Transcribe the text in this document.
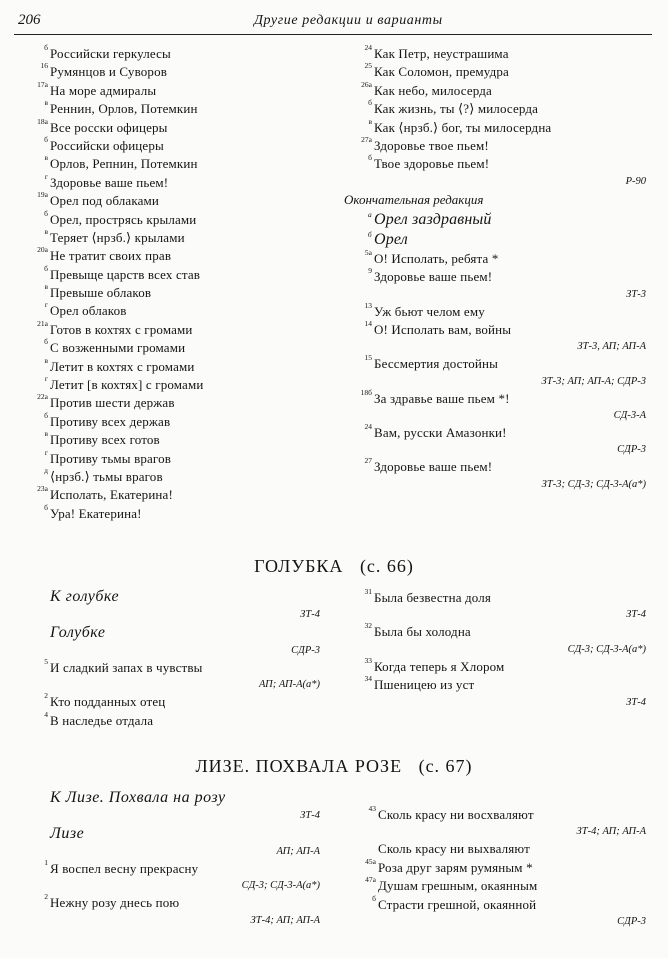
206	Другие редакции и варианты
б Российски геркулесы
16 Румянцов и Суворов
17а На море адмиралы
в Реннин, Орлов, Потемкин
18а Все росски офицеры
б Российски офицеры
в Орлов, Репнин, Потемкин
г Здоровье ваше пьем!
19а Орел под облаками
б Орел, прострясь крылами
в Теряет ⟨нрзб.⟩ крылами
20а Не тратит своих прав
б Превыще царств всех став
в Превыше облаков
г Орел облаков
21а Готов в кохтях с громами
б С возженными громами
в Летит в кохтях с громами
г Летит [в кохтях] с громами
22а Против шести держав
б Противу всех держав
в Противу всех готов
г Противу тьмы врагов
д ⟨нрзб.⟩ тьмы врагов
23а Исполать, Екатерина!
б Ура! Екатерина!
24 Как Петр, неустрашима
25 Как Соломон, премудра
26а Как небо, милосерда
б Как жизнь, ты ⟨?⟩ милосерда
в Как ⟨нрзб.⟩ бог, ты милосердна
27а Здоровье твое пьем!
б Твое здоровье пьем!
Р-90
Окончательная редакция
а Орел заздравный
б Орел
5а О! Исполать, ребята *
9 Здоровье ваше пьем!
ЗТ-3
13 Уж бьют челом ему
14 О! Исполать вам, войны
ЗТ-3, АП; АП-А
15 Бессмертия достойны
ЗТ-3; АП; АП-А; СДР-3
18б За здравье ваше пьем *!
СД-3-А
24 Вам, русски Амазонки!
СДР-3
27 Здоровье ваше пьем!
ЗТ-3; СД-3; СД-3-А(а*)
ГОЛУБКА (с. 66)
К голубке
ЗТ-4
Голубке
СДР-3
5 И сладкий запах в чувствы
АП; АП-А(а*)
2 Кто подданных отец
4 В наследье отдала
31 Была безвестна доля
ЗТ-4
32 Была бы холодна
СД-3; СД-3-А(а*)
33 Когда теперь я Хлором
34 Пшеницею из уст
ЗТ-4
ЛИЗЕ. ПОХВАЛА РОЗЕ (с. 67)
К Лизе. Похвала на розу
ЗТ-4
Лизе
АП; АП-А
1 Я воспел весну прекрасну
СД-3; СД-3-А(а*)
2 Нежну розу днесь пою
ЗТ-4; АП; АП-А
43 Сколь красу ни восхваляют
ЗТ-4; АП; АП-А
Сколь красу ни выхваляют
45а Роза друг зарям румяным *
47а Душам грешным, окаянным
б Страсти грешной, окаянной
СДР-3
